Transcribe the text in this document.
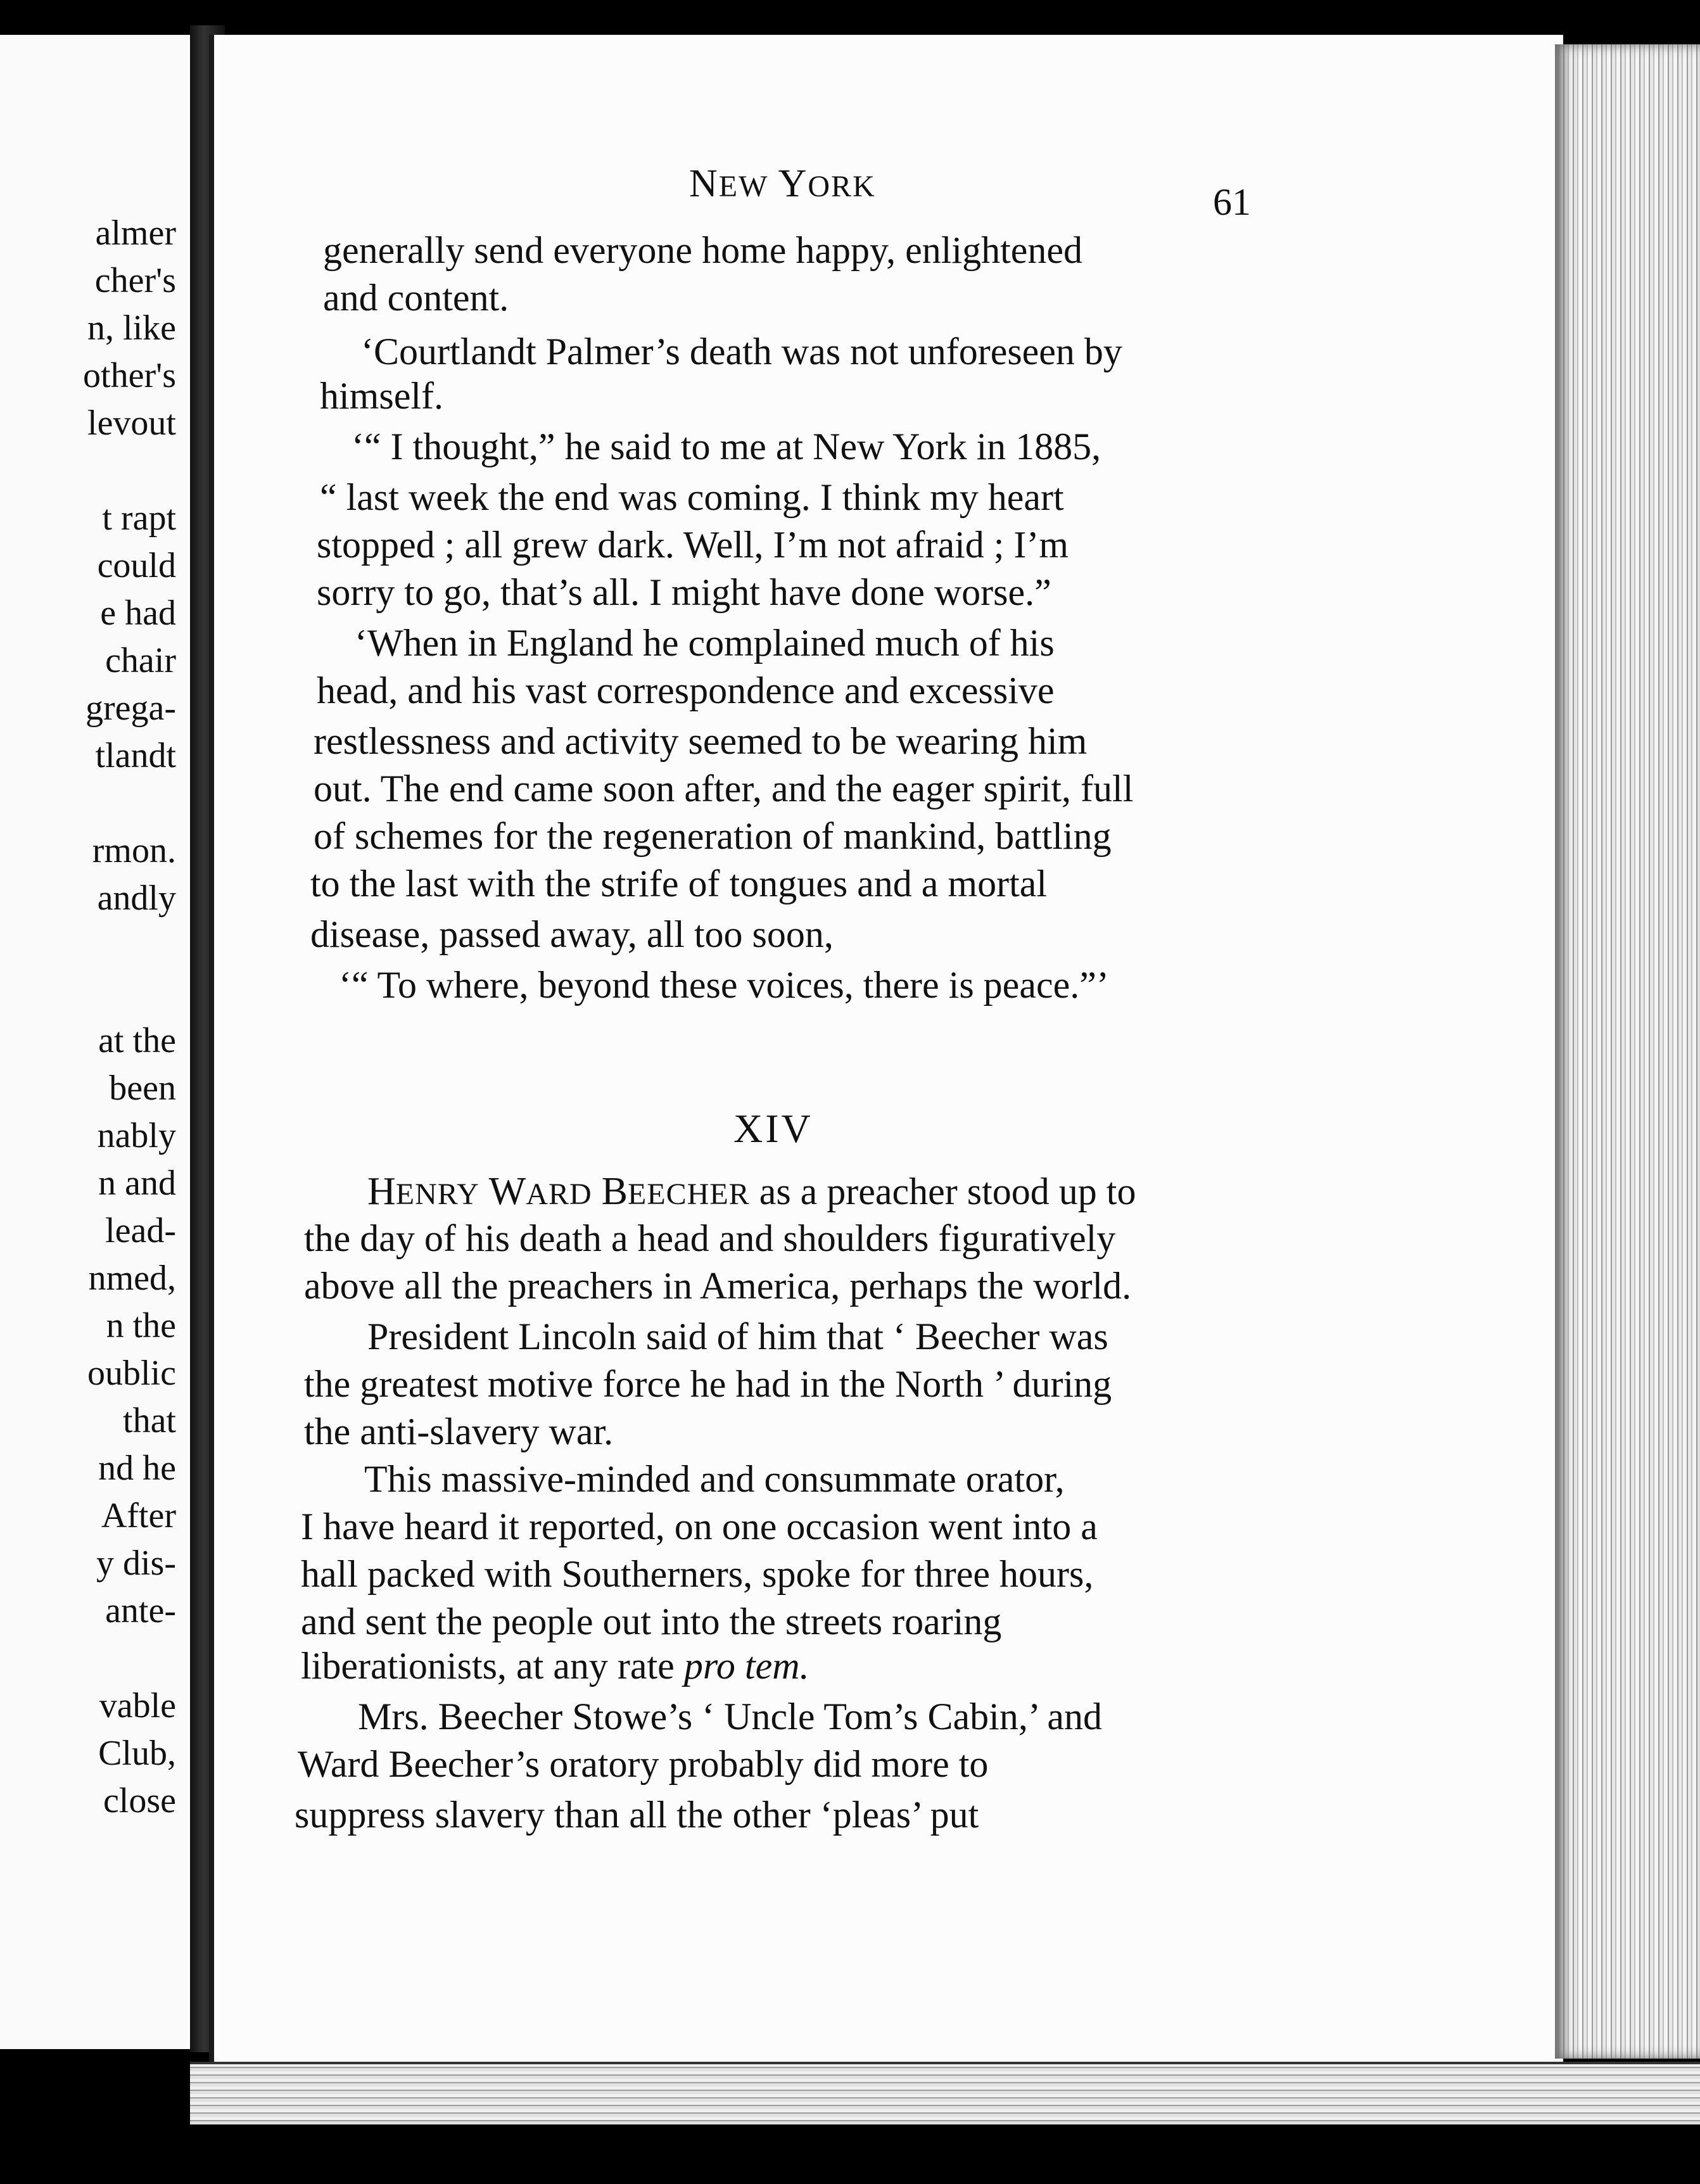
almer
cher's
n, like
other's
levout
t rapt
could
e had
chair
grega-
tlandt
rmon.
andly
at the
been
nably
n and
lead-
nmed,
n the
oublic
that
nd he
After
y dis-
ante-
vable
Club,
close
NEW YORK	61
generally send everyone home happy, enlightened
and content.
‘Courtlandt Palmer’s death was not unforeseen by
himself.
‘“ I thought,” he said to me at New York in 1885,
“ last week the end was coming. I think my heart
stopped ; all grew dark. Well, I’m not afraid ; I’m
sorry to go, that’s all. I might have done worse.”
‘When in England he complained much of his
head, and his vast correspondence and excessive
restlessness and activity seemed to be wearing him
out. The end came soon after, and the eager spirit, full
of schemes for the regeneration of mankind, battling
to the last with the strife of tongues and a mortal
disease, passed away, all too soon,
‘“ To where, beyond these voices, there is peace.”’
XIV
HENRY WARD BEECHER as a preacher stood up to
the day of his death a head and shoulders figuratively
above all the preachers in America, perhaps the world.
President Lincoln said of him that ‘ Beecher was
the greatest motive force he had in the North ’ during
the anti-slavery war.
This massive-minded and consummate orator,
I have heard it reported, on one occasion went into a
hall packed with Southerners, spoke for three hours,
and sent the people out into the streets roaring
liberationists, at any rate pro tem.
Mrs. Beecher Stowe’s ‘ Uncle Tom’s Cabin,’ and
Ward Beecher’s oratory probably did more to
suppress slavery than all the other ‘pleas’ put
